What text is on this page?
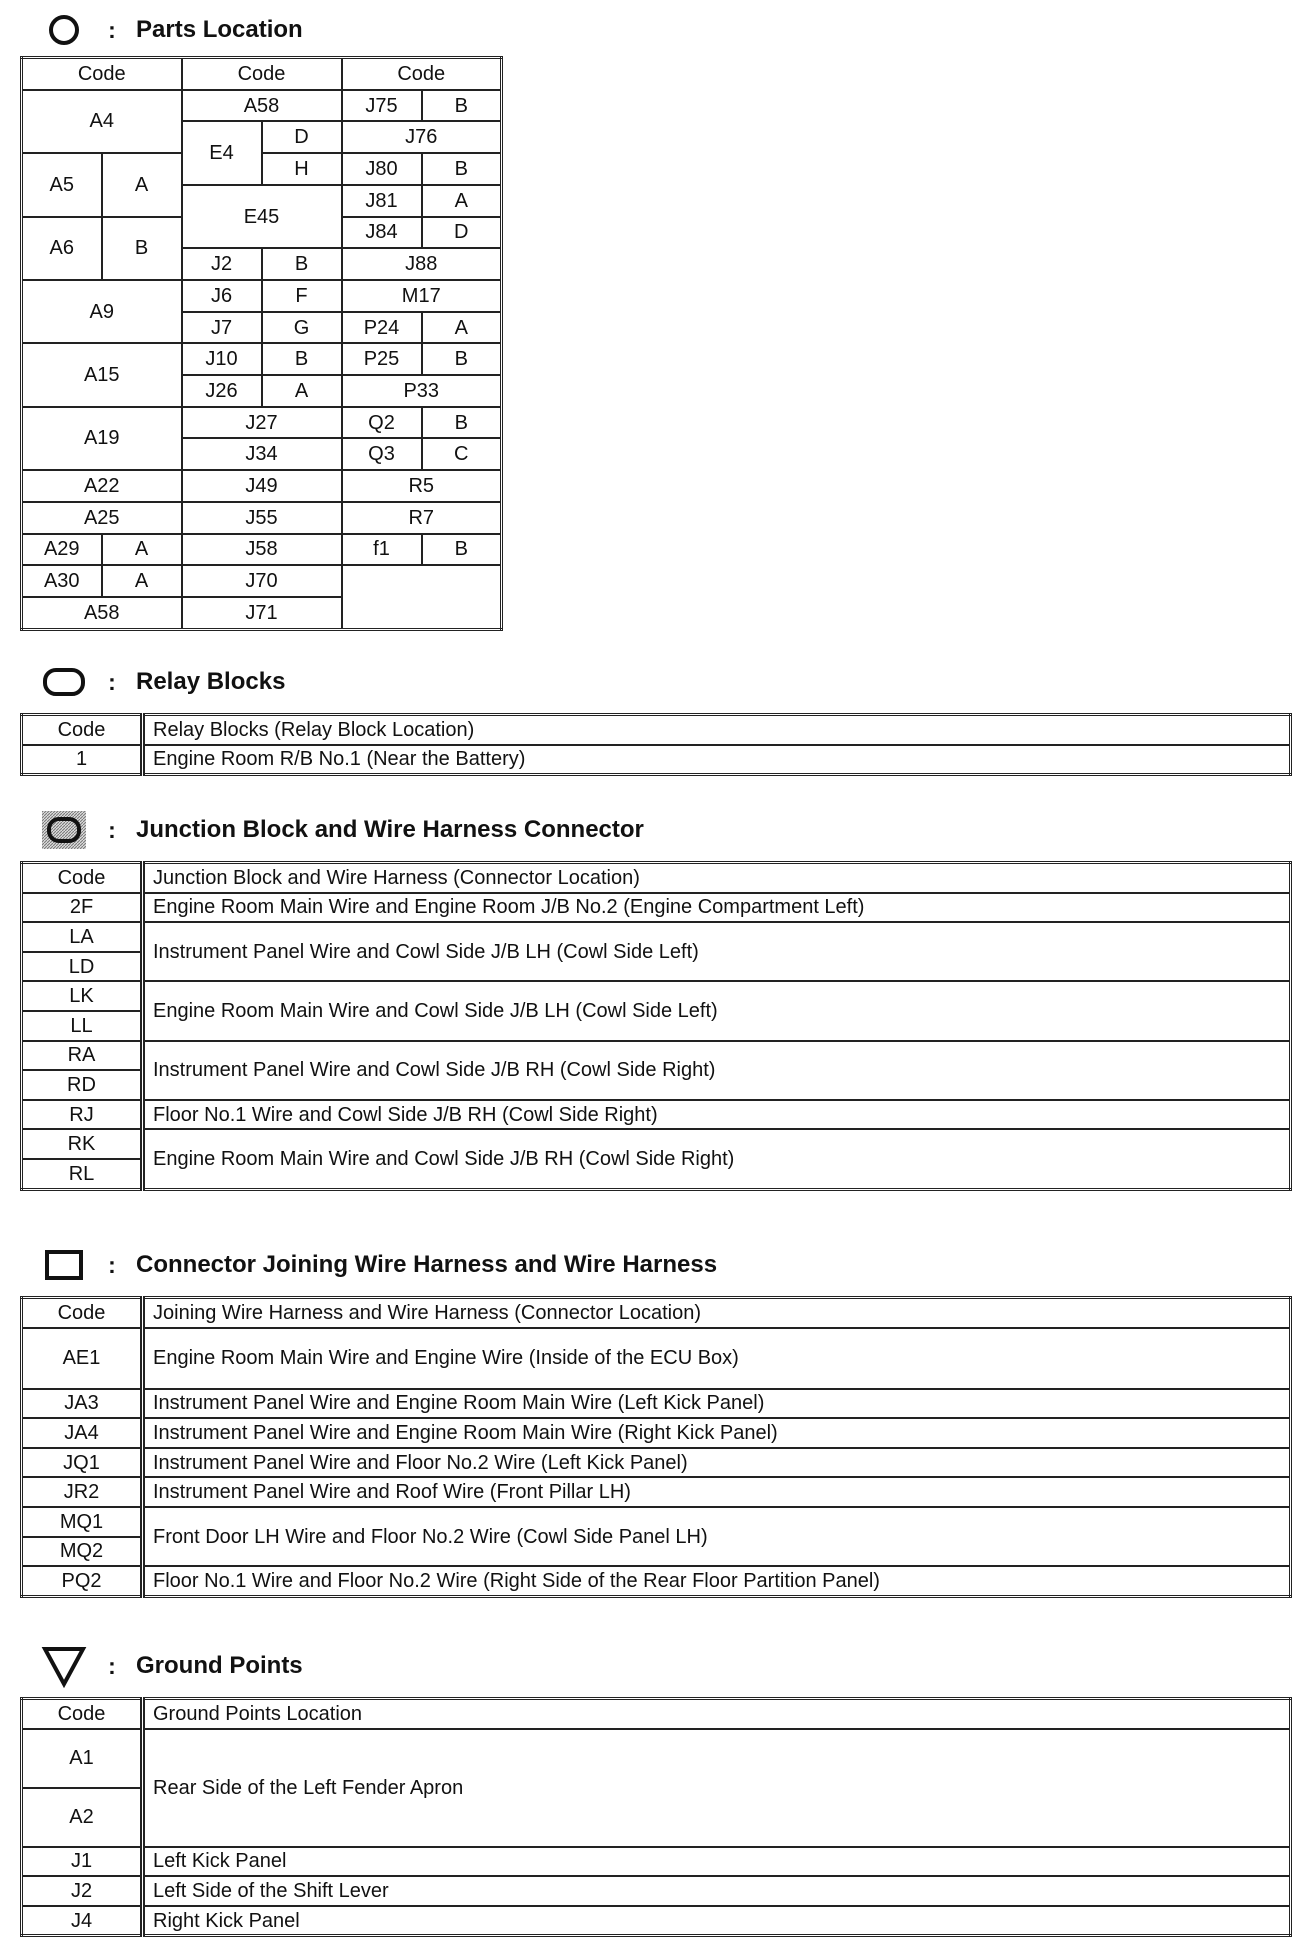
: Parts Location
Code		Code		Code	
A4		A58		J75	B
		E4	D	J76	
A5	A		H	J80	B
		E45		J81	A
A6	B			J84	D
		J2	B	J88	
A9		J6	F	M17	
		J7	G	P24	A
A15		J10	B	P25	B
		J26	A	P33	
A19		J27		Q2	B
		J34		Q3	C
A22		J49		R5	
A25		J55		R7	
A29	A	J58		f1	B
A30	A	J70			
A58		J71			
: Relay Blocks
Code	Relay Blocks (Relay Block Location)
1	Engine Room R/B No.1 (Near the Battery)
: Junction Block and Wire Harness Connector
Code	Junction Block and Wire Harness (Connector Location)
2F	Engine Room Main Wire and Engine Room J/B No.2 (Engine Compartment Left)
LA	Instrument Panel Wire and Cowl Side J/B LH (Cowl Side Left)
LD	
LK	Engine Room Main Wire and Cowl Side J/B LH (Cowl Side Left)
LL	
RA	Instrument Panel Wire and Cowl Side J/B RH (Cowl Side Right)
RD	
RJ	Floor No.1 Wire and Cowl Side J/B RH (Cowl Side Right)
RK	Engine Room Main Wire and Cowl Side J/B RH (Cowl Side Right)
RL	
: Connector Joining Wire Harness and Wire Harness
Code	Joining Wire Harness and Wire Harness (Connector Location)
AE1	Engine Room Main Wire and Engine Wire (Inside of the ECU Box)
JA3	Instrument Panel Wire and Engine Room Main Wire (Left Kick Panel)
JA4	Instrument Panel Wire and Engine Room Main Wire (Right Kick Panel)
JQ1	Instrument Panel Wire and Floor No.2 Wire (Left Kick Panel)
JR2	Instrument Panel Wire and Roof Wire (Front Pillar LH)
MQ1	Front Door LH Wire and Floor No.2 Wire (Cowl Side Panel LH)
MQ2	
PQ2	Floor No.1 Wire and Floor No.2 Wire (Right Side of the Rear Floor Partition Panel)
: Ground Points
Code	Ground Points Location
A1	Rear Side of the Left Fender Apron
A2	
J1	Left Kick Panel
J2	Left Side of the Shift Lever
J4	Right Kick Panel
